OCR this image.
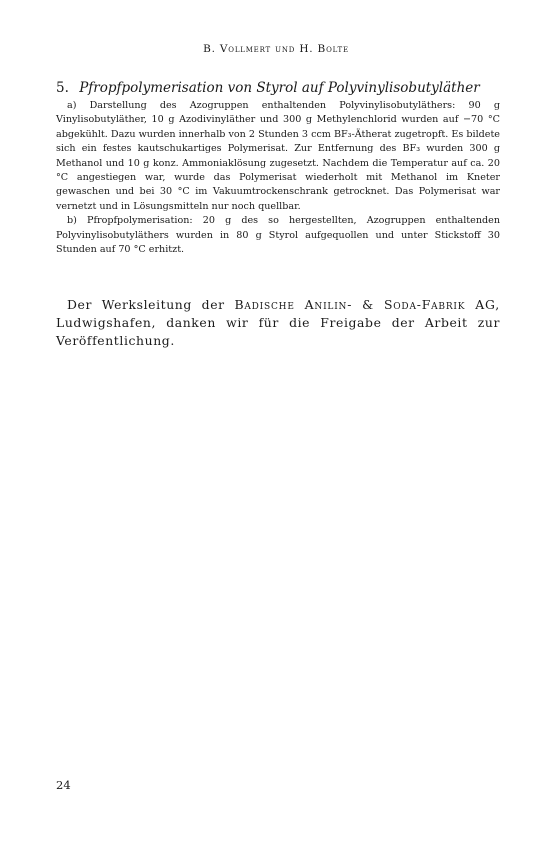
B. Vollmert und H. Bolte
5. Pfropfpolymerisation von Styrol auf Polyvinylisobutyläther

a) Darstellung des Azogruppen enthaltenden Polyvinylisobutyläthers: 90 g Vinylisobutyläther, 10 g Azodivinyläther und 300 g Methylenchlorid wurden auf −70 °C abgekühlt. Dazu wurden innerhalb von 2 Stunden 3 ccm BF₃-Ätherat zugetropft. Es bildete sich ein festes kautschukartiges Polymerisat. Zur Entfernung des BF₃ wurden 300 g Methanol und 10 g konz. Ammoniaklösung zugesetzt. Nachdem die Temperatur auf ca. 20 °C angestiegen war, wurde das Polymerisat wiederholt mit Methanol im Kneter gewaschen und bei 30 °C im Vakuumtrockenschrank getrocknet. Das Polymerisat war vernetzt und in Lösungsmitteln nur noch quellbar.

b) Pfropfpolymerisation: 20 g des so hergestellten, Azogruppen enthaltenden Polyvinylisobutyläthers wurden in 80 g Styrol aufgequollen und unter Stickstoff 30 Stunden auf 70 °C erhitzt.

Der Werksleitung der Badische Anilin- & Soda-Fabrik AG, Ludwigshafen, danken wir für die Freigabe der Arbeit zur Veröffentlichung.

24
